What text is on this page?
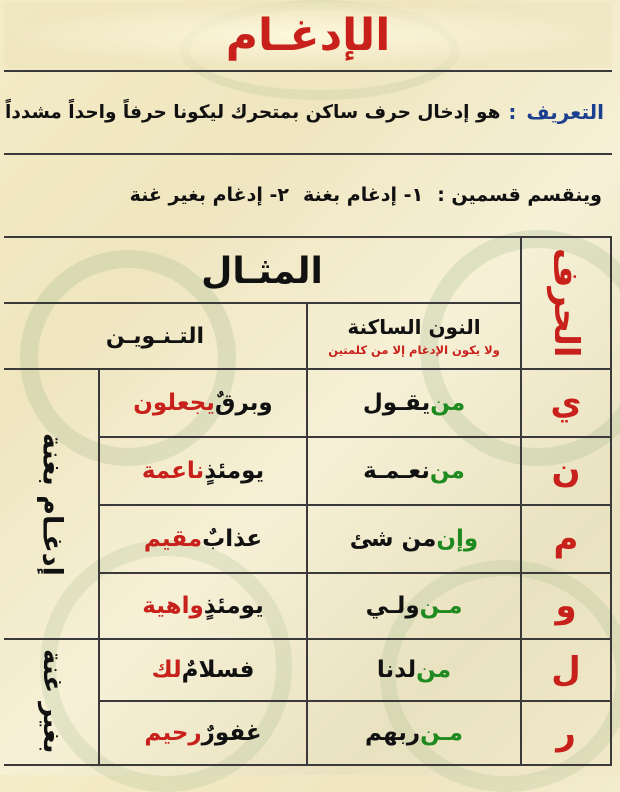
الإدغـام
التعريف
:
هو إدخال حرف ساكن بمتحرك ليكونا حرفاً واحداً مشدداً
وينقسم قسمين :
١- إدغام بغنة
٢- إدغام بغير غنة
الحرف
المثـال
النون الساكنة
ولا يكون الإدغام إلا من كلمتين
التـنـويـن
إدغـام بغنة
بغير غنة
ي
من
يقـول
وبرقٌ
يجعلون
ن
من
نعـمـة
يومئذٍ
ناعمة
م
وإن
من شئ
عذابٌ
مقيم
و
مـن
ولـي
يومئذٍ
واهية
ل
من
لدنا
فسلامٌ
لك
ر
مـن
ربهم
غفورٌ
رحيم
